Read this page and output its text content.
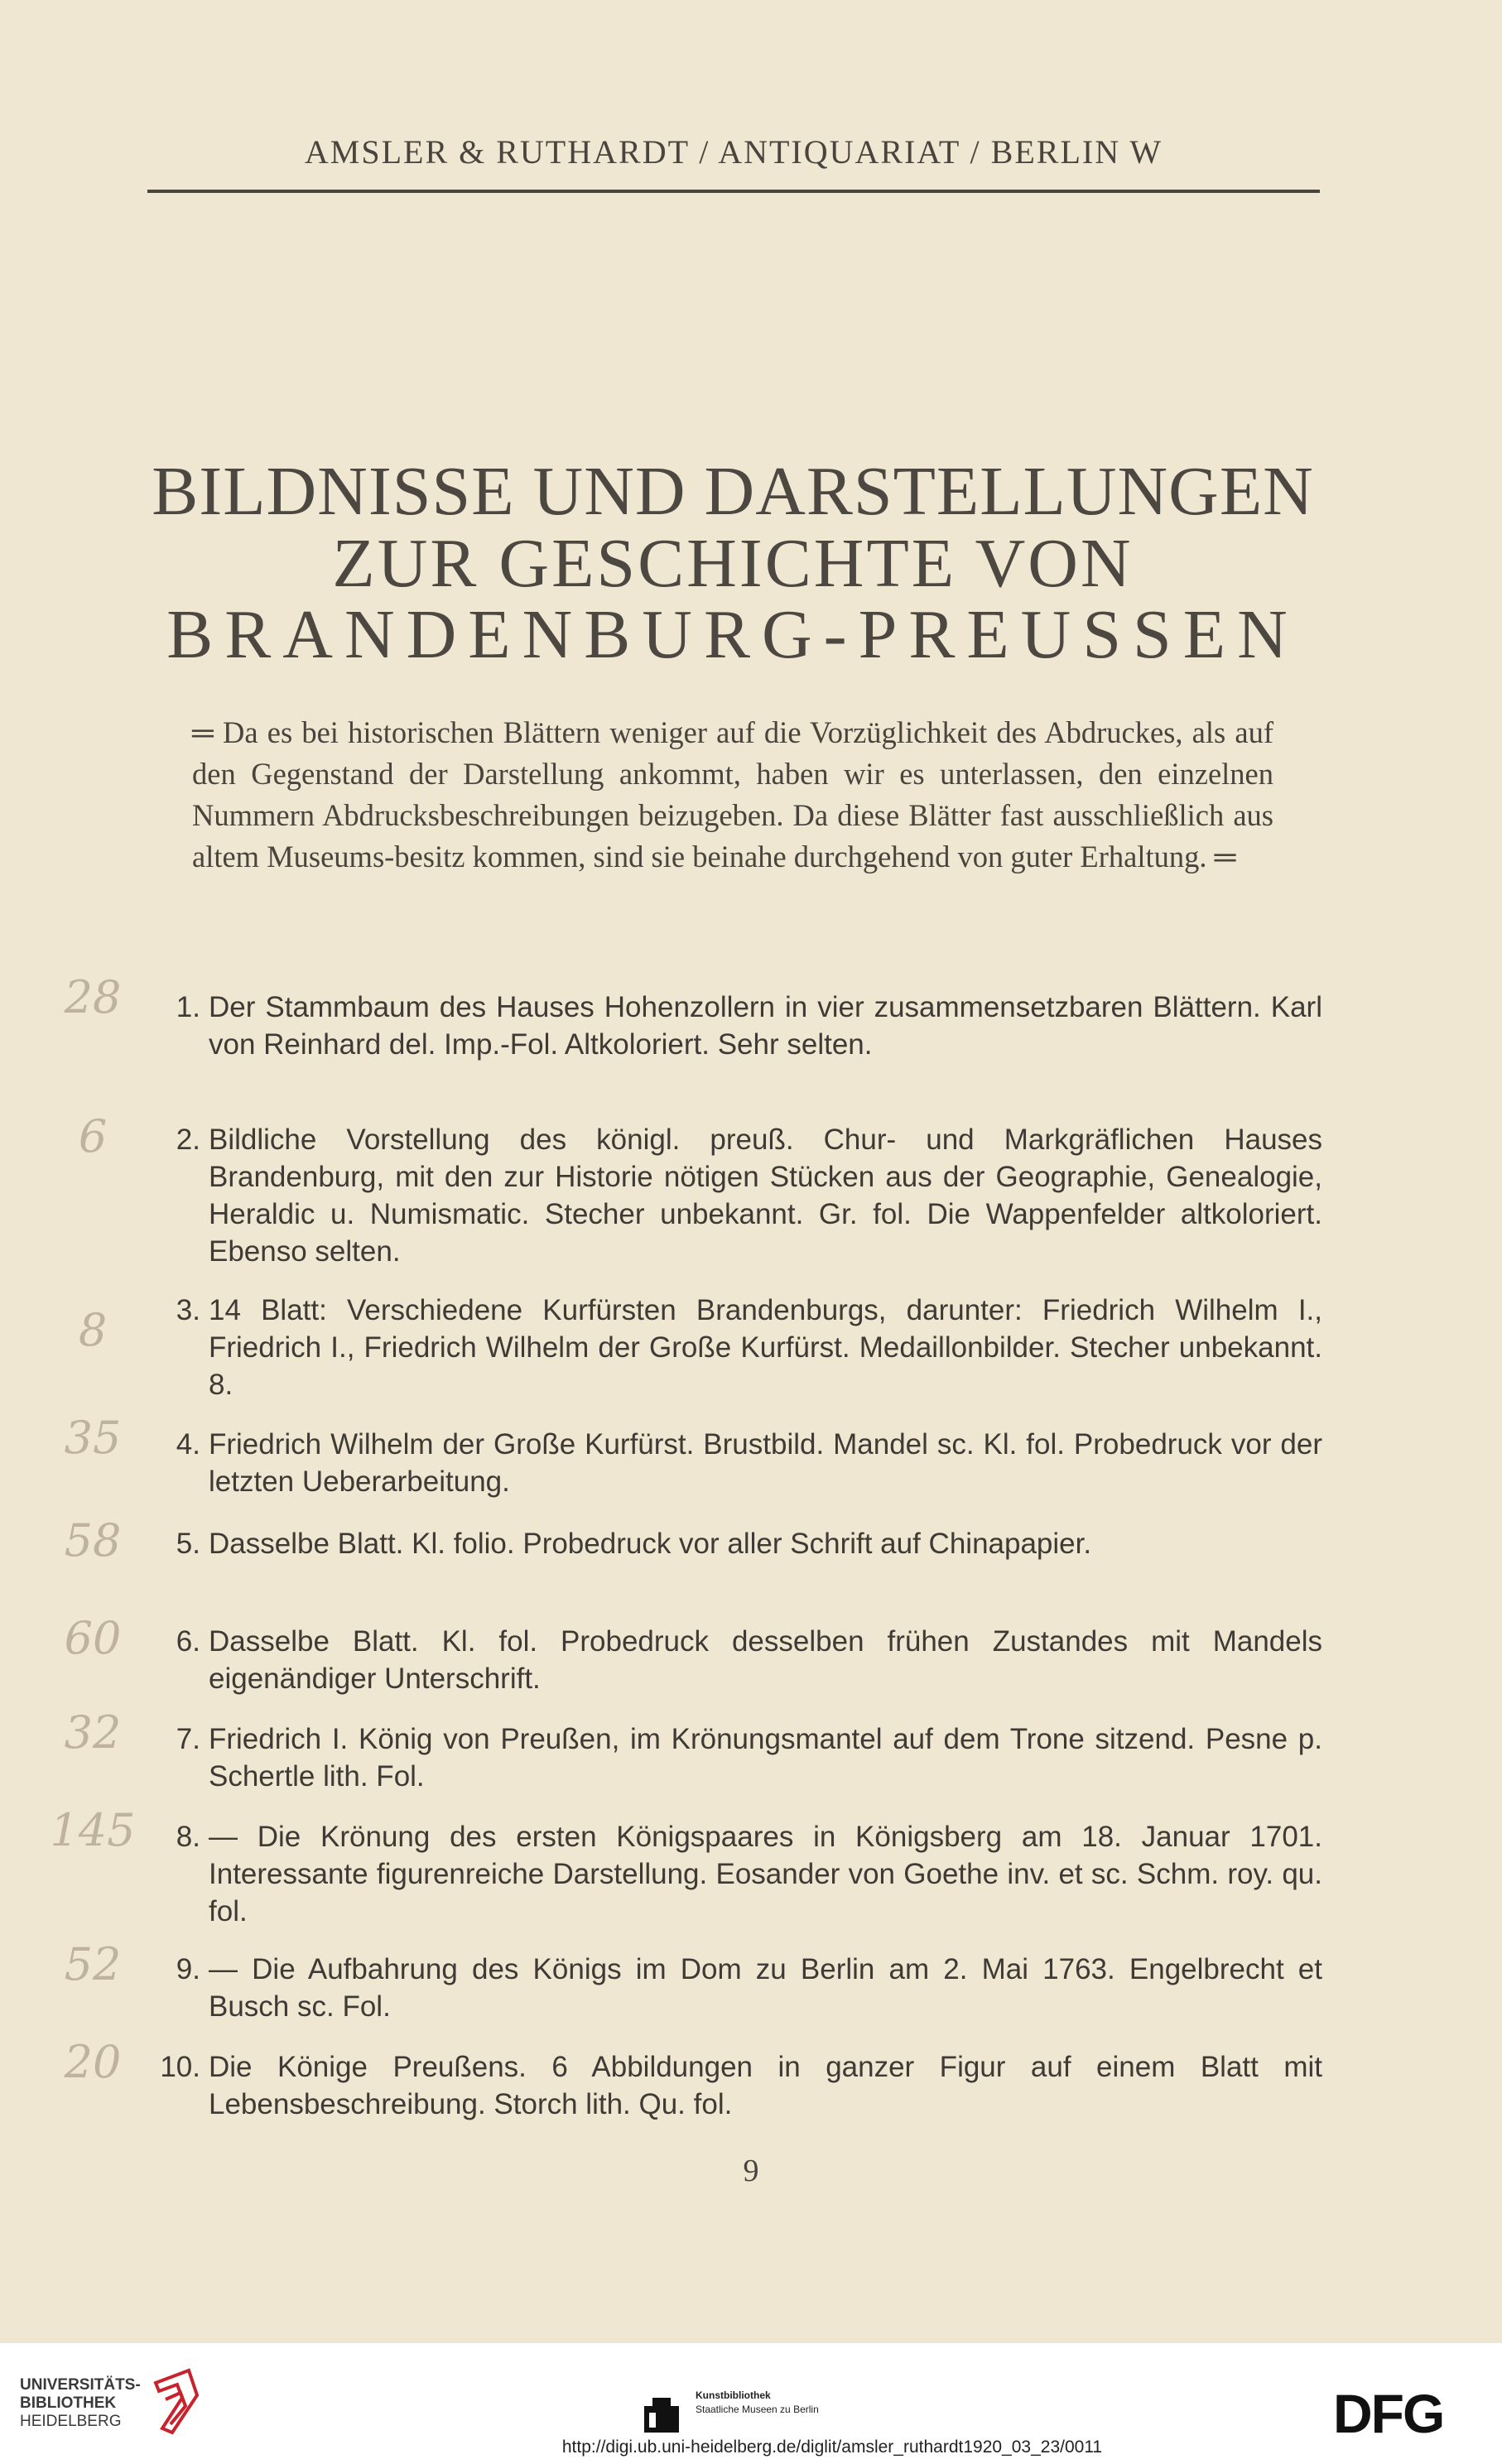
AMSLER & RUTHARDT / ANTIQUARIAT / BERLIN W
BILDNISSE UND DARSTELLUNGEN
ZUR GESCHICHTE VON
BRANDENBURG-PREUSSEN
═ Da es bei historischen Blättern weniger auf die Vorzüglichkeit des Abdruckes, als auf den Gegenstand der Darstellung ankommt, haben wir es unterlassen, den einzelnen Nummern Abdrucksbeschreibungen beizugeben. Da diese Blätter fast ausschließlich aus altem Museums-besitz kommen, sind sie beinahe durchgehend von guter Erhaltung. ═
28	1. Der Stammbaum des Hauses Hohenzollern in vier zusammensetzbaren Blättern. Karl von Reinhard del. Imp.-Fol. Altkoloriert. Sehr selten.
6	2. Bildliche Vorstellung des königl. preuß. Chur- und Markgräflichen Hauses Brandenburg, mit den zur Historie nötigen Stücken aus der Geographie, Genealogie, Heraldic u. Numismatic. Stecher unbekannt. Gr. fol. Die Wappenfelder altkoloriert. Ebenso selten.
8	3. 14 Blatt: Verschiedene Kurfürsten Brandenburgs, darunter: Friedrich Wilhelm I., Friedrich I., Friedrich Wilhelm der Große Kurfürst. Medaillonbilder. Stecher unbekannt. 8.
35	4. Friedrich Wilhelm der Große Kurfürst. Brustbild. Mandel sc. Kl. fol. Probedruck vor der letzten Ueberarbeitung.
58	5. Dasselbe Blatt. Kl. folio. Probedruck vor aller Schrift auf Chinapapier.
60	6. Dasselbe Blatt. Kl. fol. Probedruck desselben frühen Zustandes mit Mandels eigenändiger Unterschrift.
32	7. Friedrich I. König von Preußen, im Krönungsmantel auf dem Trone sitzend. Pesne p. Schertle lith. Fol.
145	8. — Die Krönung des ersten Königspaares in Königsberg am 18. Januar 1701. Interessante figurenreiche Darstellung. Eosander von Goethe inv. et sc. Schm. roy. qu. fol.
52	9. — Die Aufbahrung des Königs im Dom zu Berlin am 2. Mai 1763. Engelbrecht et Busch sc. Fol.
20	10. Die Könige Preußens. 6 Abbildungen in ganzer Figur auf einem Blatt mit Lebensbeschreibung. Storch lith. Qu. fol.
9
UNIVERSITÄTS-
BIBLIOTHEK
HEIDELBERG
Kunstbibliothek
Staatliche Museen zu Berlin	DFG
http://digi.ub.uni-heidelberg.de/diglit/amsler_ruthardt1920_03_23/0011
